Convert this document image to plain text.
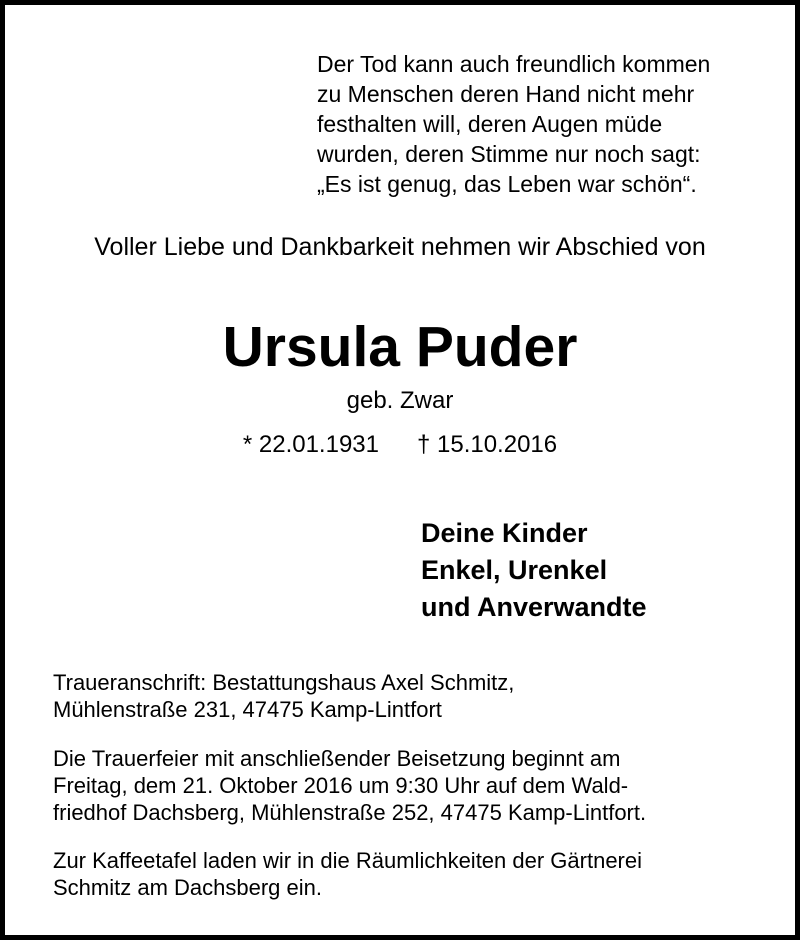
Der Tod kann auch freundlich kommen
zu Menschen deren Hand nicht mehr
festhalten will, deren Augen müde
wurden, deren Stimme nur noch sagt:
„Es ist genug, das Leben war schön“.
Voller Liebe und Dankbarkeit nehmen wir Abschied von
Ursula Puder
geb. Zwar
* 22.01.1931 † 15.10.2016
Deine Kinder
Enkel, Urenkel
und Anverwandte
Traueranschrift: Bestattungshaus Axel Schmitz,
Mühlenstraße 231, 47475 Kamp-Lintfort
Die Trauerfeier mit anschließender Beisetzung beginnt am
Freitag, dem 21. Oktober 2016 um 9:30 Uhr auf dem Wald-
friedhof Dachsberg, Mühlenstraße 252, 47475 Kamp-Lintfort.
Zur Kaffeetafel laden wir in die Räumlichkeiten der Gärtnerei
Schmitz am Dachsberg ein.
